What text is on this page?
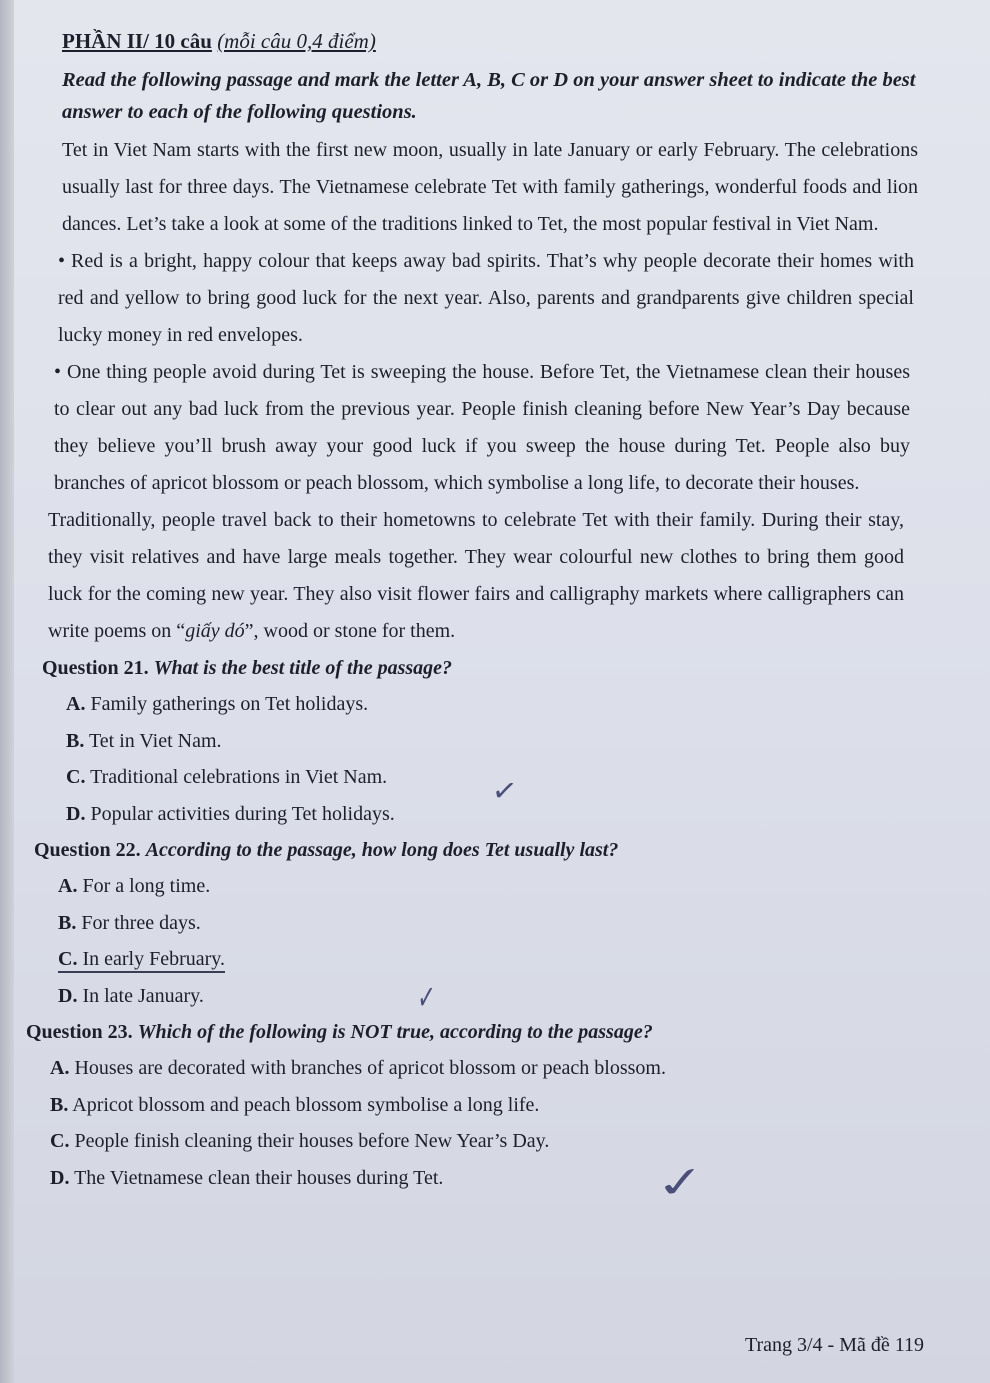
PHẦN II/ 10 câu (mỗi câu 0,4 điểm)
Read the following passage and mark the letter A, B, C or D on your answer sheet to indicate the best answer to each of the following questions.

Tet in Viet Nam starts with the first new moon, usually in late January or early February. The celebrations usually last for three days. The Vietnamese celebrate Tet with family gatherings, wonderful foods and lion dances. Let’s take a look at some of the traditions linked to Tet, the most popular festival in Viet Nam.

• Red is a bright, happy colour that keeps away bad spirits. That’s why people decorate their homes with red and yellow to bring good luck for the next year. Also, parents and grandparents give children special lucky money in red envelopes.

• One thing people avoid during Tet is sweeping the house. Before Tet, the Vietnamese clean their houses to clear out any bad luck from the previous year. People finish cleaning before New Year’s Day because they believe you’ll brush away your good luck if you sweep the house during Tet. People also buy branches of apricot blossom or peach blossom, which symbolise a long life, to decorate their houses.

Traditionally, people travel back to their hometowns to celebrate Tet with their family. During their stay, they visit relatives and have large meals together. They wear colourful new clothes to bring them good luck for the coming new year. They also visit flower fairs and calligraphy markets where calligraphers can write poems on “giấy dó”, wood or stone for them.

Question 21. What is the best title of the passage?

A. Family gatherings on Tet holidays.

B. Tet in Viet Nam.

C. Traditional celebrations in Viet Nam.

D. Popular activities during Tet holidays.

Question 22. According to the passage, how long does Tet usually last?

A. For a long time.

B. For three days.

C. In early February.

D. In late January.

Question 23. Which of the following is NOT true, according to the passage?

A. Houses are decorated with branches of apricot blossom or peach blossom.

B. Apricot blossom and peach blossom symbolise a long life.

C. People finish cleaning their houses before New Year’s Day.

D. The Vietnamese clean their houses during Tet.

✓
✓
✓
Trang 3/4 - Mã đề 119
